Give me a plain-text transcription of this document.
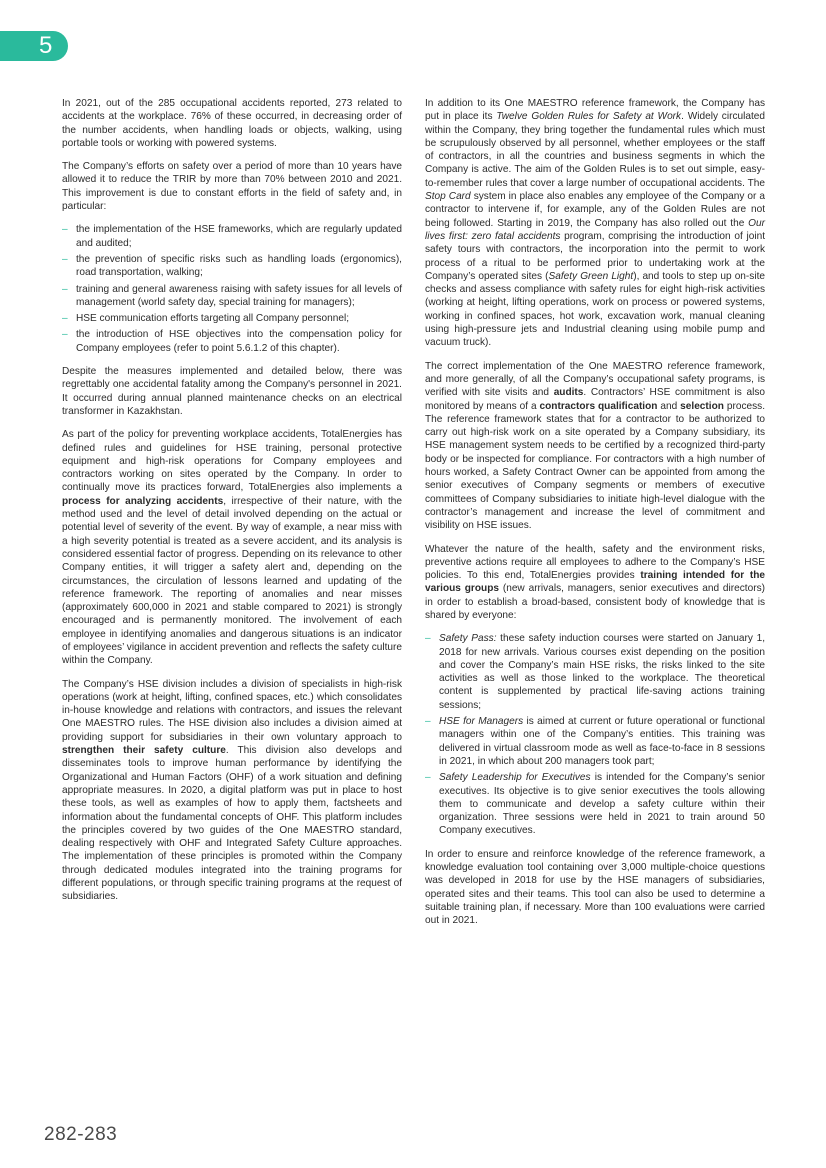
5

In 2021, out of the 285 occupational accidents reported, 273 related to accidents at the workplace. 76% of these occurred, in decreasing order of the number accidents, when handling loads or objects, walking, using portable tools or working with powered systems.

The Company’s efforts on safety over a period of more than 10 years have allowed it to reduce the TRIR by more than 70% between 2010 and 2021. This improvement is due to constant efforts in the field of safety and, in particular:

– the implementation of the HSE frameworks, which are regularly updated and audited;
– the prevention of specific risks such as handling loads (ergonomics), road transportation, walking;
– training and general awareness raising with safety issues for all levels of management (world safety day, special training for managers);
– HSE communication efforts targeting all Company personnel;
– the introduction of HSE objectives into the compensation policy for Company employees (refer to point 5.6.1.2 of this chapter).

Despite the measures implemented and detailed below, there was regrettably one accidental fatality among the Company's personnel in 2021. It occurred during annual planned maintenance checks on an electrical transformer in Kazakhstan.

As part of the policy for preventing workplace accidents, TotalEnergies has defined rules and guidelines for HSE training, personal protective equipment and high-risk operations for Company employees and contractors working on sites operated by the Company. In order to continually move its practices forward, TotalEnergies also implements a process for analyzing accidents, irrespective of their nature, with the method used and the level of detail involved depending on the actual or potential level of severity of the event. By way of example, a near miss with a high severity potential is treated as a severe accident, and its analysis is considered essential factor of progress. Depending on its relevance to other Company entities, it will trigger a safety alert and, depending on the circumstances, the circulation of lessons learned and updating of the reference framework. The reporting of anomalies and near misses (approximately 600,000 in 2021 and stable compared to 2021) is strongly encouraged and is permanently monitored. The involvement of each employee in identifying anomalies and dangerous situations is an indicator of employees’ vigilance in accident prevention and reflects the safety culture within the Company.

The Company’s HSE division includes a division of specialists in high-risk operations (work at height, lifting, confined spaces, etc.) which consolidates in-house knowledge and relations with contractors, and issues the relevant One MAESTRO rules. The HSE division also includes a division aimed at providing support for subsidiaries in their own voluntary approach to strengthen their safety culture. This division also develops and disseminates tools to improve human performance by identifying the Organizational and Human Factors (OHF) of a work situation and defining appropriate measures. In 2020, a digital platform was put in place to host these tools, as well as examples of how to apply them, factsheets and information about the fundamental concepts of OHF. This platform includes the principles covered by two guides of the One MAESTRO standard, dealing respectively with OHF and Integrated Safety Culture approaches. The implementation of these principles is promoted within the Company through dedicated modules integrated into the training programs for different populations, or through specific training programs at the request of subsidiaries.

In addition to its One MAESTRO reference framework, the Company has put in place its Twelve Golden Rules for Safety at Work. Widely circulated within the Company, they bring together the fundamental rules which must be scrupulously observed by all personnel, whether employees or the staff of contractors, in all the countries and business segments in which the Company is active. The aim of the Golden Rules is to set out simple, easy-to-remember rules that cover a large number of occupational accidents. The Stop Card system in place also enables any employee of the Company or a contractor to intervene if, for example, any of the Golden Rules are not being followed. Starting in 2019, the Company has also rolled out the Our lives first: zero fatal accidents program, comprising the introduction of joint safety tours with contractors, the incorporation into the permit to work process of a ritual to be performed prior to undertaking work at the Company’s operated sites (Safety Green Light), and tools to step up on-site checks and assess compliance with safety rules for eight high-risk activities (working at height, lifting operations, work on process or powered systems, working in confined spaces, hot work, excavation work, manual cleaning using high-pressure jets and Industrial cleaning using mobile pump and vacuum truck).

The correct implementation of the One MAESTRO reference framework, and more generally, of all the Company’s occupational safety programs, is verified with site visits and audits. Contractors’ HSE commitment is also monitored by means of a contractors qualification and selection process. The reference framework states that for a contractor to be authorized to carry out high-risk work on a site operated by a Company subsidiary, its HSE management system needs to be certified by a recognized third-party body or be inspected for compliance. For contractors with a high number of hours worked, a Safety Contract Owner can be appointed from among the senior executives of Company segments or members of executive committees of Company subsidiaries to initiate high-level dialogue with the contractor’s management and increase the level of commitment and visibility on HSE issues.

Whatever the nature of the health, safety and the environment risks, preventive actions require all employees to adhere to the Company’s HSE policies. To this end, TotalEnergies provides training intended for the various groups (new arrivals, managers, senior executives and directors) in order to establish a broad-based, consistent body of knowledge that is shared by everyone:

– Safety Pass: these safety induction courses were started on January 1, 2018 for new arrivals. Various courses exist depending on the position and cover the Company’s main HSE risks, the risks linked to the site activities as well as those linked to the workplace. The theoretical content is supplemented by practical life-saving actions training sessions;
– HSE for Managers is aimed at current or future operational or functional managers within one of the Company’s entities. This training was delivered in virtual classroom mode as well as face-to-face in 8 sessions in 2021, in which about 200 managers took part;
– Safety Leadership for Executives is intended for the Company’s senior executives. Its objective is to give senior executives the tools allowing them to communicate and develop a safety culture within their organization. Three sessions were held in 2021 to train around 50 Company executives.

In order to ensure and reinforce knowledge of the reference framework, a knowledge evaluation tool containing over 3,000 multiple-choice questions was developed in 2018 for use by the HSE managers of subsidiaries, operated sites and their teams. This tool can also be used to determine a suitable training plan, if necessary. More than 100 evaluations were carried out in 2021.

282-283
